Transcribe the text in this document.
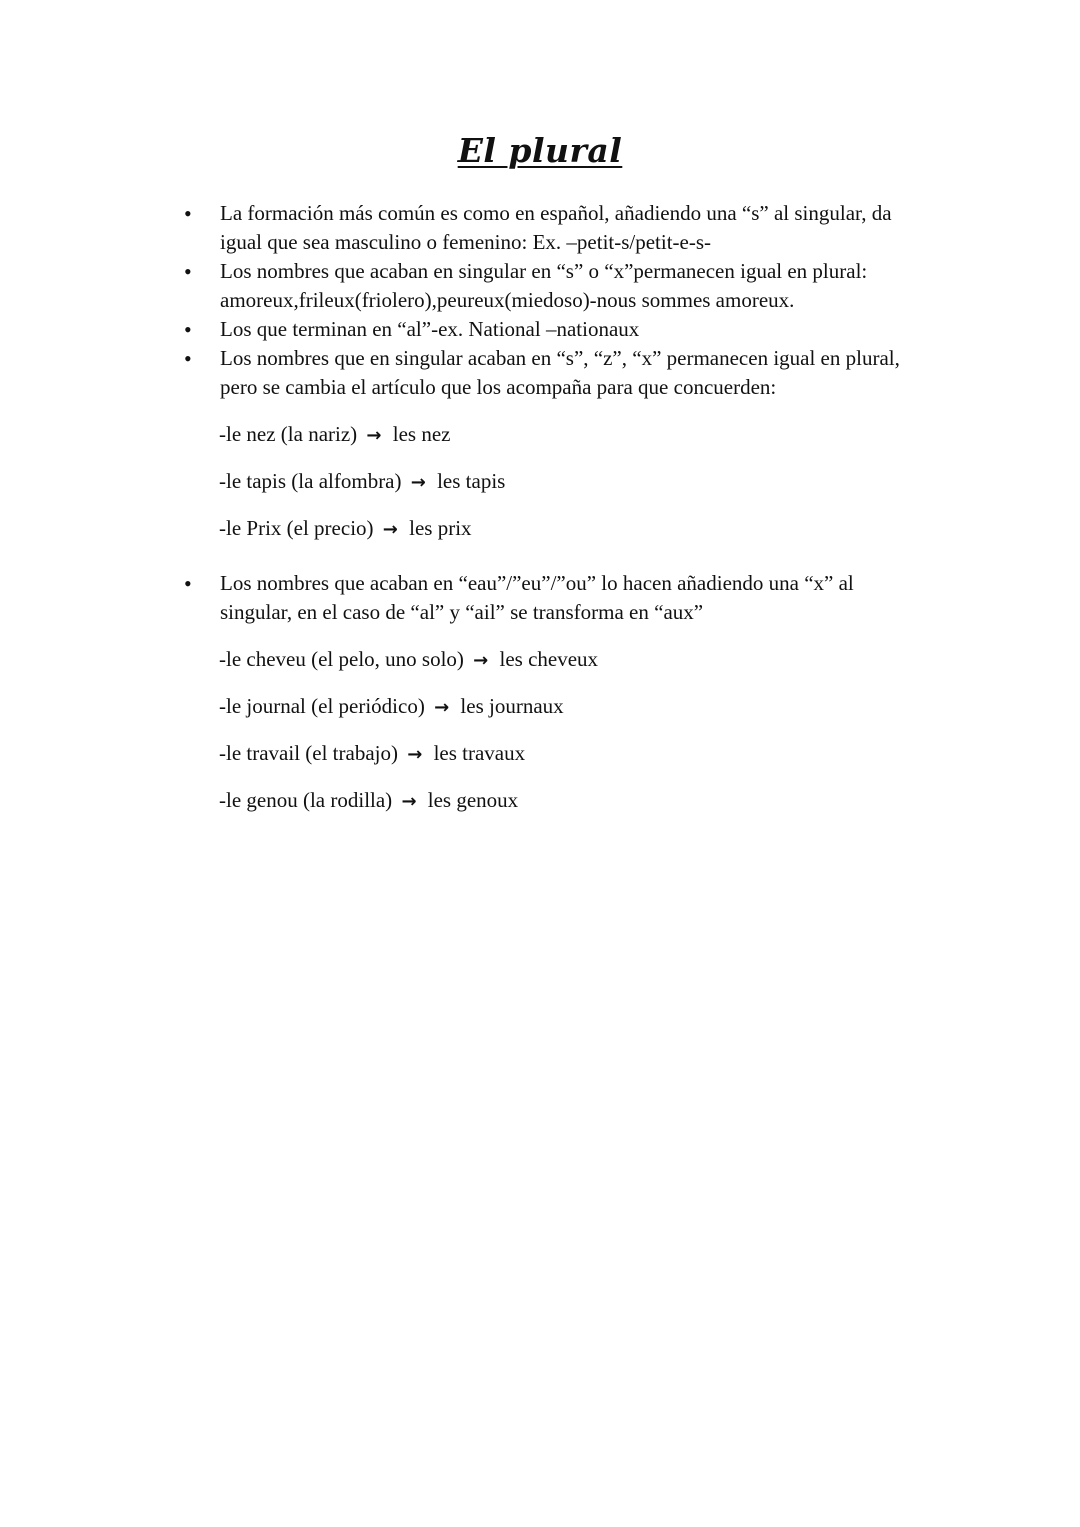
El plural
• La formación más común es como en español, añadiendo una “s” al singular, da igual que sea masculino o femenino: Ex. –petit-s/petit-e-s-
• Los nombres que acaban en singular en “s” o “x”permanecen igual en plural: amoreux,frileux(friolero),peureux(miedoso)-nous sommes amoreux.
• Los que terminan en “al”-ex. National –nationaux
• Los nombres que en singular acaban en “s”, “z”, “x” permanecen igual en plural, pero se cambia el artículo que los acompaña para que concuerden:
-le nez (la nariz) → les nez
-le tapis (la alfombra) → les tapis
-le Prix (el precio) → les prix
• Los nombres que acaban en “eau”/”eu”/”ou” lo hacen añadiendo una “x” al singular, en el caso de “al” y “ail” se transforma en “aux”
-le cheveu (el pelo, uno solo) → les cheveux
-le journal (el periódico) → les journaux
-le travail (el trabajo) → les travaux
-le genou (la rodilla) → les genoux
